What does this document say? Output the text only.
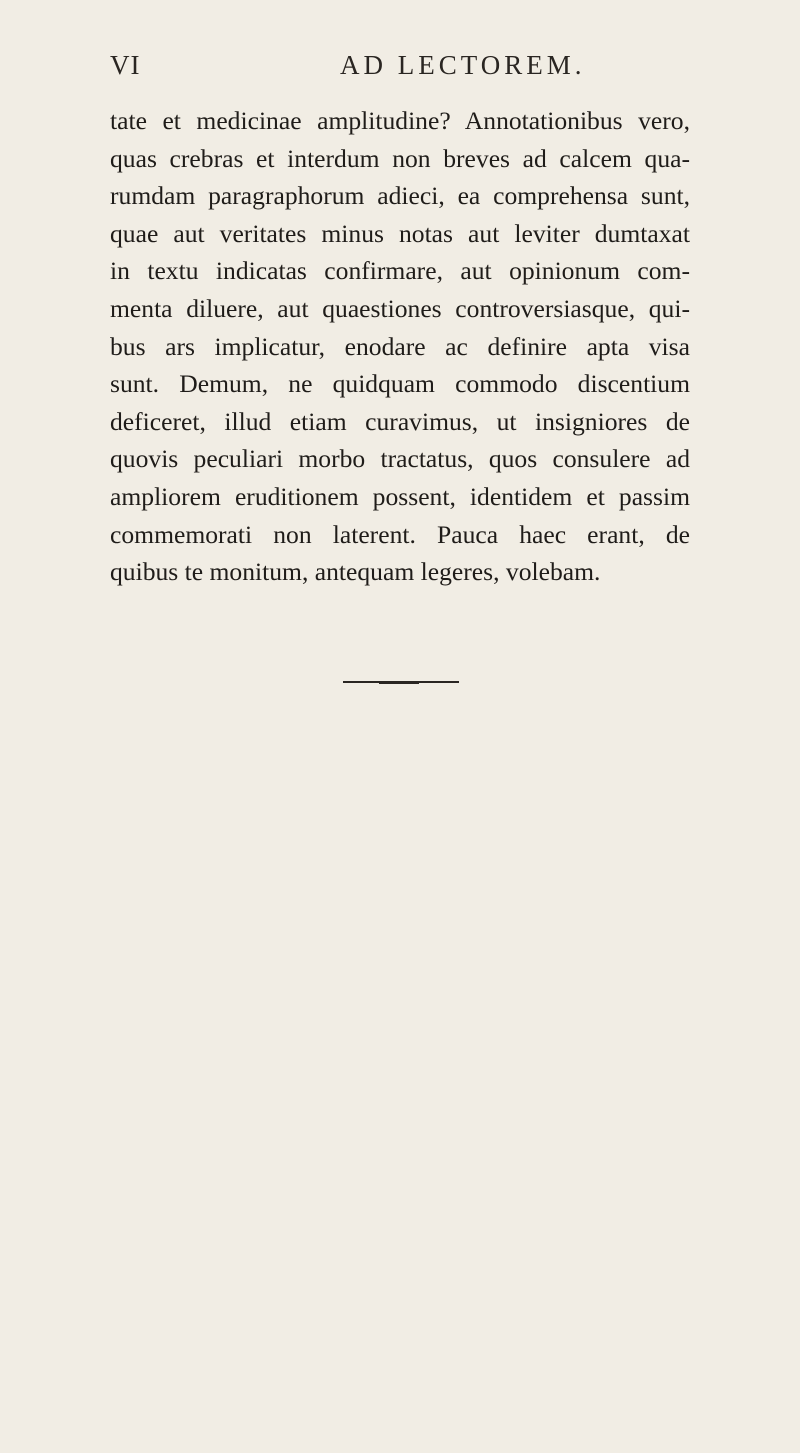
VI	AD LECTOREM.
tate et medicinae amplitudine? Annotationibus vero,
quas crebras et interdum non breves ad calcem qua-
rumdam paragraphorum adieci, ea comprehensa sunt,
quae aut veritates minus notas aut leviter dumtaxat
in textu indicatas confirmare, aut opinionum com-
menta diluere, aut quaestiones controversiasque, qui-
bus ars implicatur, enodare ac definire apta visa
sunt. Demum, ne quidquam commodo discentium
deficeret, illud etiam curavimus, ut insigniores de
quovis peculiari morbo tractatus, quos consulere ad
ampliorem eruditionem possent, identidem et passim
commemorati non laterent. Pauca haec erant, de
quibus te monitum, antequam legeres, volebam.
